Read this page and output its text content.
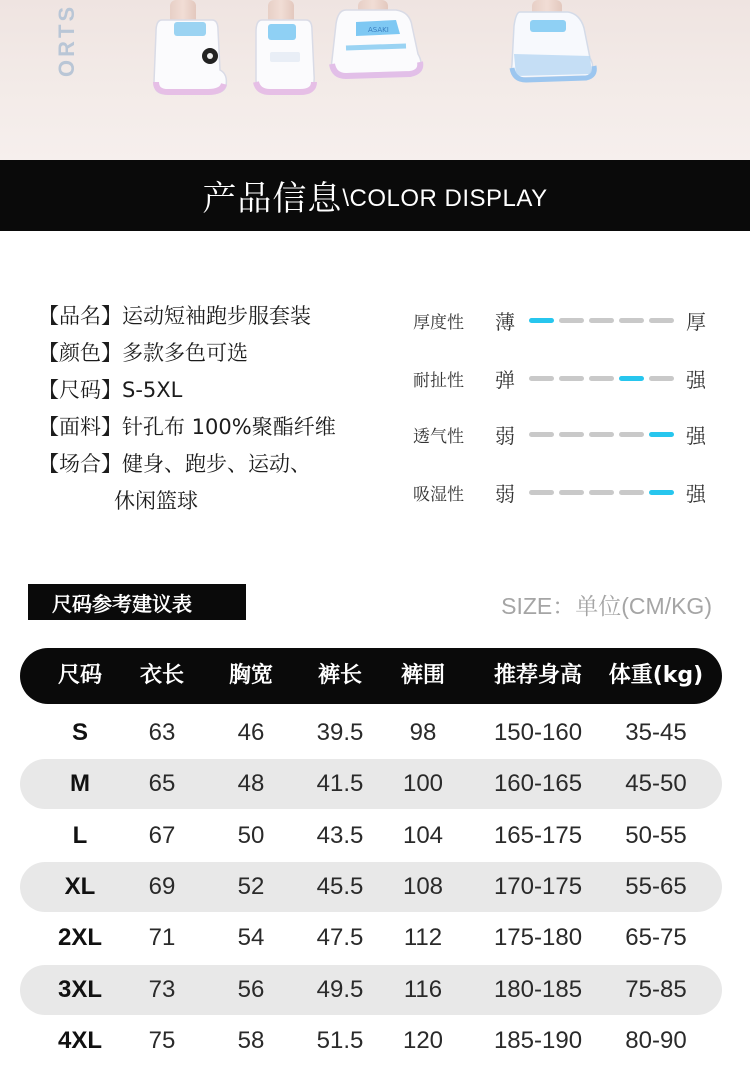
ORTS	ASAKI
产品信息 \COLOR DISPLAY
【品名】 运动短袖跑步服套装
【颜色】 多款多色可选
【尺码】 S-5XL
【面料】 针孔布 100%聚酯纤维
【场合】 健身、跑步、运动、
休闲篮球
厚度性	薄	厚
耐扯性	弹	强
透气性	弱	强
吸湿性	弱	强
尺码参考建议表	SIZE：单位(CM/KG)
尺码 衣长 胸宽 裤长 裤围 推荐身高 体重(kg)
S	63	46 39.5 98 150-160 35-45
M 65	48 41.5 100 160-165 45-50
L	67	50 43.5 104 165-175 50-55
XL 69	52 45.5 108 170-175 55-65
2XL 71	54 47.5 112 175-180 65-75
3XL 73	56 49.5 116 180-185 75-85
4XL 75	58 51.5 120 185-190 80-90
